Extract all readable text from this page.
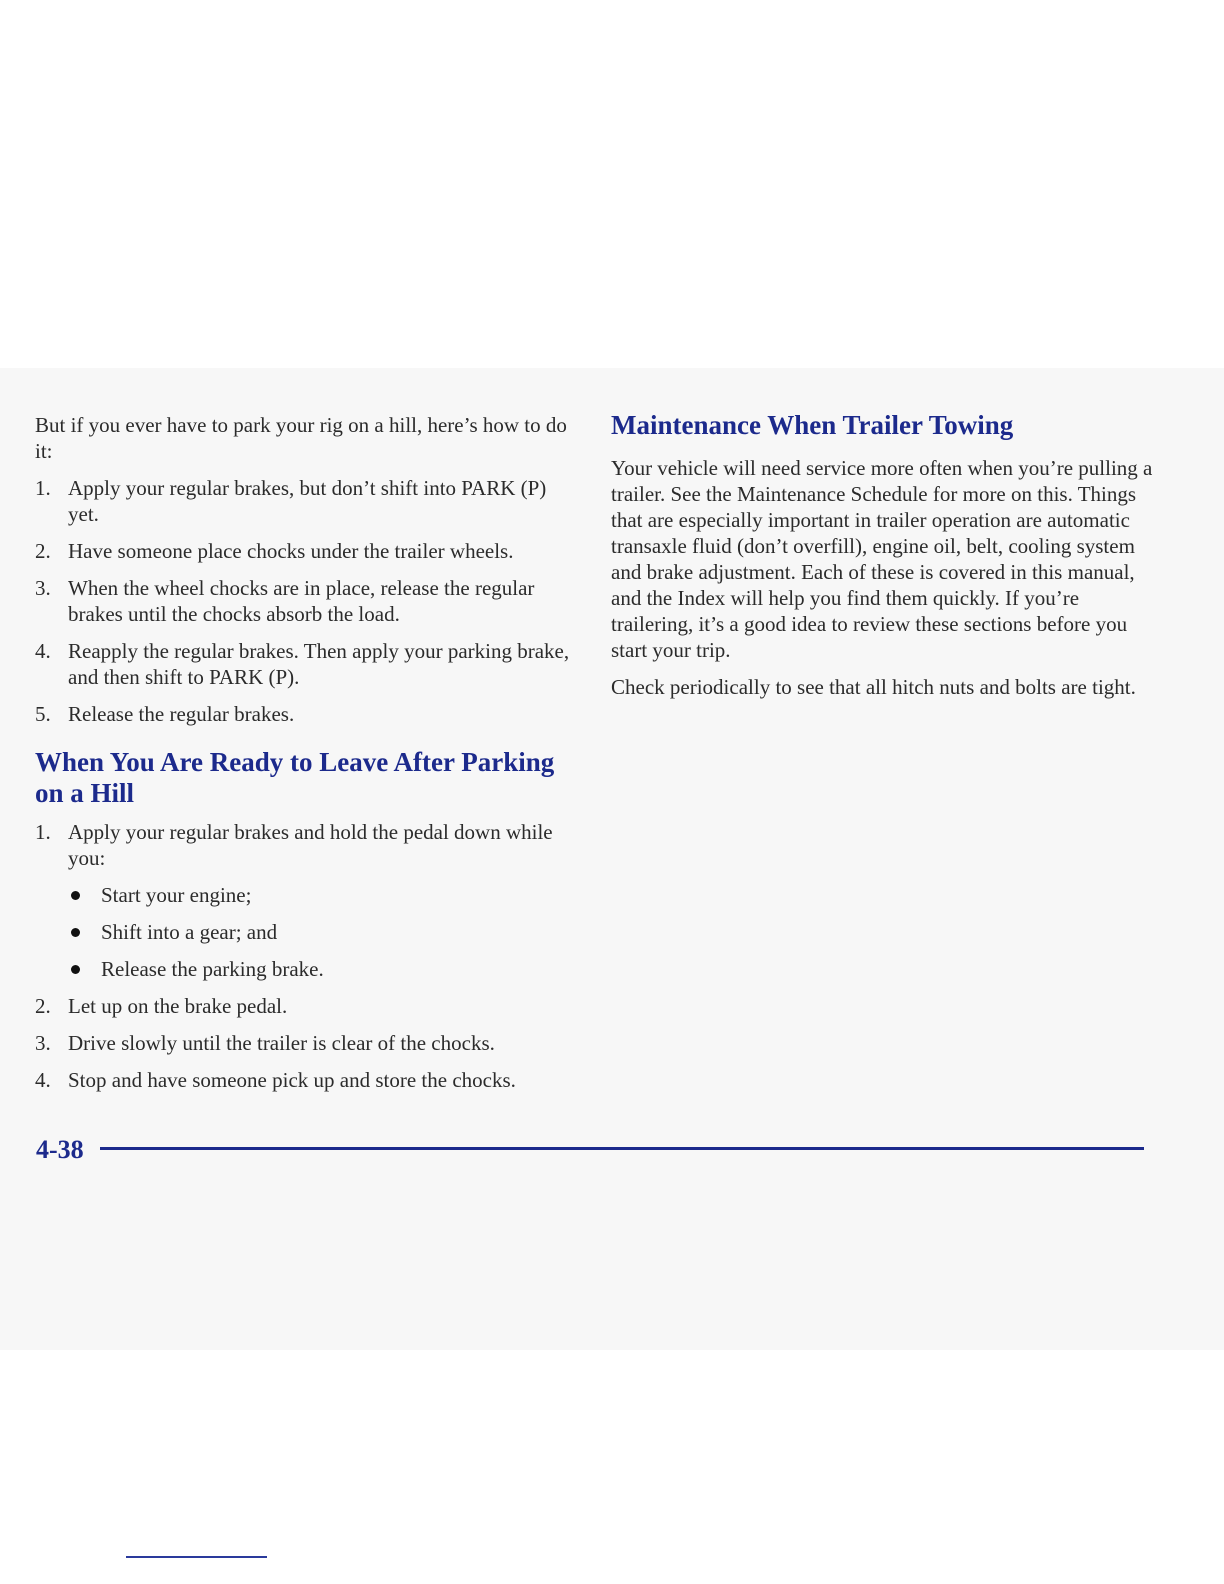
But if you ever have to park your rig on a hill, here’s how to do it:

1. Apply your regular brakes, but don’t shift into PARK (P) yet.
2. Have someone place chocks under the trailer wheels.
3. When the wheel chocks are in place, release the regular brakes until the chocks absorb the load.
4. Reapply the regular brakes. Then apply your parking brake, and then shift to PARK (P).
5. Release the regular brakes.
When You Are Ready to Leave After Parking on a Hill
1. Apply your regular brakes and hold the pedal down while you:
Start your engine;
Shift into a gear; and
Release the parking brake.
2. Let up on the brake pedal.
3. Drive slowly until the trailer is clear of the chocks.
4. Stop and have someone pick up and store the chocks.
Maintenance When Trailer Towing

Your vehicle will need service more often when you’re pulling a trailer. See the Maintenance Schedule for more on this. Things that are especially important in trailer operation are automatic transaxle fluid (don’t overfill), engine oil, belt, cooling system and brake adjustment. Each of these is covered in this manual, and the Index will help you find them quickly. If you’re trailering, it’s a good idea to review these sections before you start your trip.

Check periodically to see that all hitch nuts and bolts are tight.

4-38
